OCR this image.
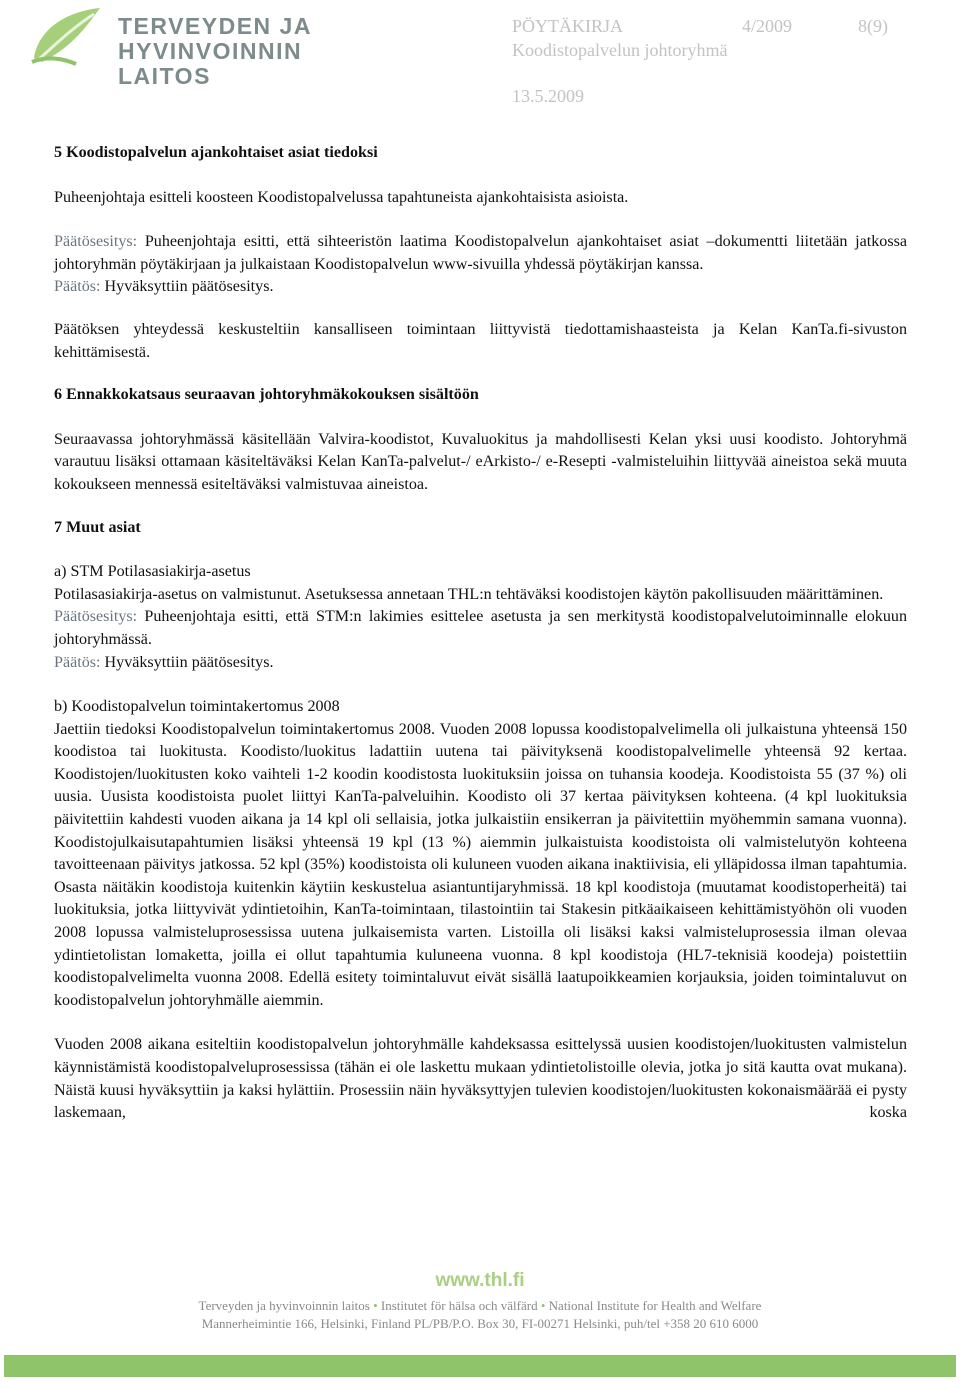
TERVEYDEN JA
HYVINVOINNIN LAITOS
PÖYTÄKIRJA	4/2009	8(9)
Koodistopalvelun johtoryhmä
13.5.2009
5 Koodistopalvelun ajankohtaiset asiat tiedoksi

Puheenjohtaja esitteli koosteen Koodistopalvelussa tapahtuneista ajankohtaisista asioista.

Päätösesitys: Puheenjohtaja esitti, että sihteeristön laatima Koodistopalvelun ajankohtaiset asiat –dokumentti liitetään jatkossa johtoryhmän pöytäkirjaan ja julkaistaan Koodistopalvelun www-sivuilla yhdessä pöytäkirjan kanssa.

Päätös: Hyväksyttiin päätösesitys.

Päätöksen yhteydessä keskusteltiin kansalliseen toimintaan liittyvistä tiedottamishaasteista ja Kelan KanTa.fi-sivuston kehittämisestä.

6 Ennakkokatsaus seuraavan johtoryhmäkokouksen sisältöön

Seuraavassa johtoryhmässä käsitellään Valvira-koodistot, Kuvaluokitus ja mahdollisesti Kelan yksi uusi koodisto. Johtoryhmä varautuu lisäksi ottamaan käsiteltäväksi Kelan KanTa-palvelut-/ eArkisto-/ e-Resepti -valmisteluihin liittyvää aineistoa sekä muuta kokoukseen mennessä esiteltäväksi valmistuvaa aineistoa.

7 Muut asiat

a) STM Potilasasiakirja-asetus

Potilasasiakirja-asetus on valmistunut. Asetuksessa annetaan THL:n tehtäväksi koodistojen käytön pakollisuuden määrittäminen.

Päätösesitys: Puheenjohtaja esitti, että STM:n lakimies esittelee asetusta ja sen merkitystä koodistopalvelutoiminnalle elokuun johtoryhmässä.

Päätös: Hyväksyttiin päätösesitys.

b) Koodistopalvelun toimintakertomus 2008

Jaettiin tiedoksi Koodistopalvelun toimintakertomus 2008. Vuoden 2008 lopussa koodistopalvelimella oli julkaistuna yhteensä 150 koodistoa tai luokitusta. Koodisto/luokitus ladattiin uutena tai päivityksenä koodistopalvelimelle yhteensä 92 kertaa. Koodistojen/luokitusten koko vaihteli 1-2 koodin koodistosta luokituksiin joissa on tuhansia koodeja. Koodistoista 55 (37 %) oli uusia. Uusista koodistoista puolet liittyi KanTa-palveluihin. Koodisto oli 37 kertaa päivityksen kohteena. (4 kpl luokituksia päivitettiin kahdesti vuoden aikana ja 14 kpl oli sellaisia, jotka julkaistiin ensikerran ja päivitettiin myöhemmin samana vuonna). Koodistojulkaisutapahtumien lisäksi yhteensä 19 kpl (13 %) aiemmin julkaistuista koodistoista oli valmistelutyön kohteena tavoitteenaan päivitys jatkossa. 52 kpl (35%) koodistoista oli kuluneen vuoden aikana inaktiivisia, eli ylläpidossa ilman tapahtumia. Osasta näitäkin koodistoja kuitenkin käytiin keskustelua asiantuntijaryhmissä. 18 kpl koodistoja (muutamat koodistoperheitä) tai luokituksia, jotka liittyvivät ydintietoihin, KanTa-toimintaan, tilastointiin tai Stakesin pitkäaikaiseen kehittämistyöhön oli vuoden 2008 lopussa valmisteluprosessissa uutena julkaisemista varten. Listoilla oli lisäksi kaksi valmisteluprosessia ilman olevaa ydintietolistan lomaketta, joilla ei ollut tapahtumia kuluneena vuonna. 8 kpl koodistoja (HL7-teknisiä koodeja) poistettiin koodistopalvelimelta vuonna 2008. Edellä esitety toimintaluvut eivät sisällä laatupoikkeamien korjauksia, joiden toimintaluvut on koodistopalvelun johtoryhmälle aiemmin.

Vuoden 2008 aikana esiteltiin koodistopalvelun johtoryhmälle kahdeksassa esittelyssä uusien koodistojen/luokitusten valmistelun käynnistämistä koodistopalveluprosessissa (tähän ei ole laskettu mukaan ydintietolistoille olevia, jotka jo sitä kautta ovat mukana). Näistä kuusi hyväksyttiin ja kaksi hylättiin. Prosessiin näin hyväksyttyjen tulevien koodistojen/luokitusten kokonaismäärää ei pysty laskemaan, koska

www.thl.fi
Terveyden ja hyvinvoinnin laitos • Institutet för hälsa och välfärd • National Institute for Health and Welfare
Mannerheimintie 166, Helsinki, Finland PL/PB/P.O. Box 30, FI-00271 Helsinki, puh/tel +358 20 610 6000
